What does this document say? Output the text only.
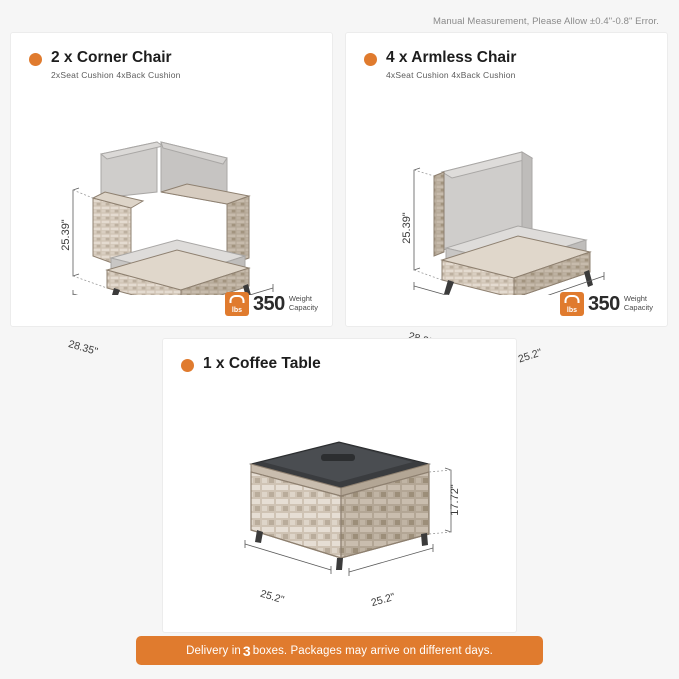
Manual Measurement, Please Allow ±0.4"-0.8" Error.
2 x Corner Chair
2xSeat Cushion 4xBack Cushion
25.39"
28.35"
lbs 350 Weight
Capacity
4 x Armless Chair
4xSeat Cushion 4xBack Cushion
25.39"
25.2"
lbs 350 Weight
Capacity
1 x Coffee Table
17.72"
25.2"	25.2"
Delivery in 3 boxes. Packages may arrive on different days.
